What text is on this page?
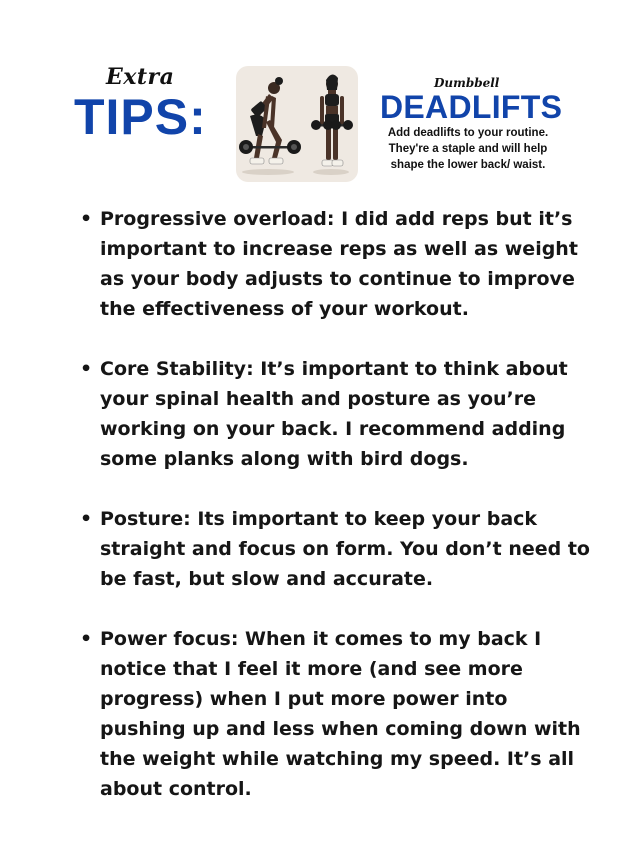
Extra
TIPS:
Dumbbell
DEADLIFTS
Add deadlifts to your routine.
They're a staple and will help
shape the lower back/ waist.
• Progressive overload: I did add reps but it’s
important to increase reps as well as weight
as your body adjusts to continue to improve
the effectiveness of your workout.
• Core Stability: It’s important to think about
your spinal health and posture as you’re
working on your back. I recommend adding
some planks along with bird dogs.
• Posture: Its important to keep your back
straight and focus on form. You don’t need to
be fast, but slow and accurate.
• Power focus: When it comes to my back I
notice that I feel it more (and see more
progress) when I put more power into
pushing up and less when coming down with
the weight while watching my speed. It’s all
about control.
